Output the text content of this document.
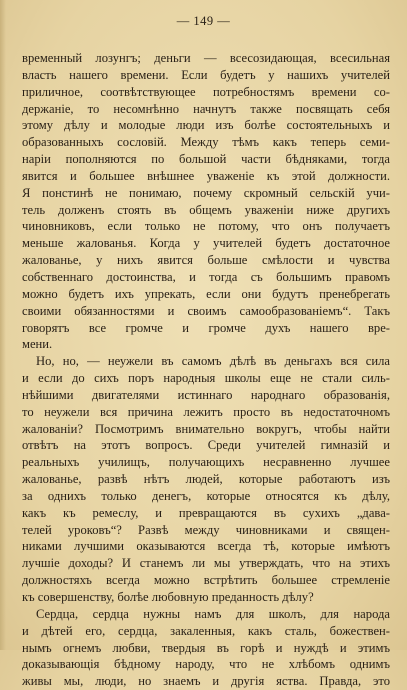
— 149 —
временный лозунгъ; деньги — всесозидающая, всесильная
власть нашего времени. Если будетъ у нашихъ учителей
приличное, соотвѣтствующее потребностямъ времени со-
держаніе, то несомнѣнно начнутъ также посвящать себя
этому дѣлу и молодые люди изъ болѣе состоятельныхъ и
образованныхъ сословій. Между тѣмъ какъ теперь семи-
наріи пополняются по большой части бѣдняками, тогда
явится и большее внѣшнее уваженіе къ этой должности.
Я понстинѣ не понимаю, почему скромный сельскій учи-
тель долженъ стоять въ общемъ уваженіи ниже другихъ
чиновниковъ, если только не потому, что онъ получаетъ
меньше жалованья. Когда у учителей будетъ достаточное
жалованье, у нихъ явится больше смѣлости и чувства
собственнаго достоинства, и тогда съ большимъ правомъ
можно будетъ ихъ упрекать, если они будутъ пренебрегать
своими обязанностями и своимъ самообразованіемъ“. Такъ
говорятъ все громче и громче духъ нашего вре-
мени.
Но, но, — неужели въ самомъ дѣлѣ въ деньгахъ вся сила
и если до сихъ поръ народныя школы еще не стали силь-
нѣйшими двигателями истиннаго народнаго образованія,
то неужели вся причина лежитъ просто въ недостаточномъ
жалованіи? Посмотримъ внимательно вокругъ, чтобы найти
отвѣтъ на этотъ вопросъ. Среди учителей гимназій и
реальныхъ училищъ, получающихъ несравненно лучшее
жалованье, развѣ нѣтъ людей, которые работаютъ изъ
за однихъ только денегъ, которые относятся къ дѣлу,
какъ къ ремеслу, и превращаются въ сухихъ „дава-
телей уроковъ“? Развѣ между чиновниками и священ-
никами лучшими оказываются всегда тѣ, которые имѣютъ
лучшіе доходы? И станемъ ли мы утверждать, что на этихъ
должностяхъ всегда можно встрѣтить большее стремленіе
къ совершенству, болѣе любовную преданность дѣлу?
Сердца, сердца нужны намъ для школъ, для народа
и дѣтей его, сердца, закаленныя, какъ сталь, божествен-
нымъ огнемъ любви, твердыя въ горѣ и нуждѣ и этимъ
доказывающія бѣдному народу, что не хлѣбомъ однимъ
живы мы, люди, но знаемъ и другія яства. Правда, это
